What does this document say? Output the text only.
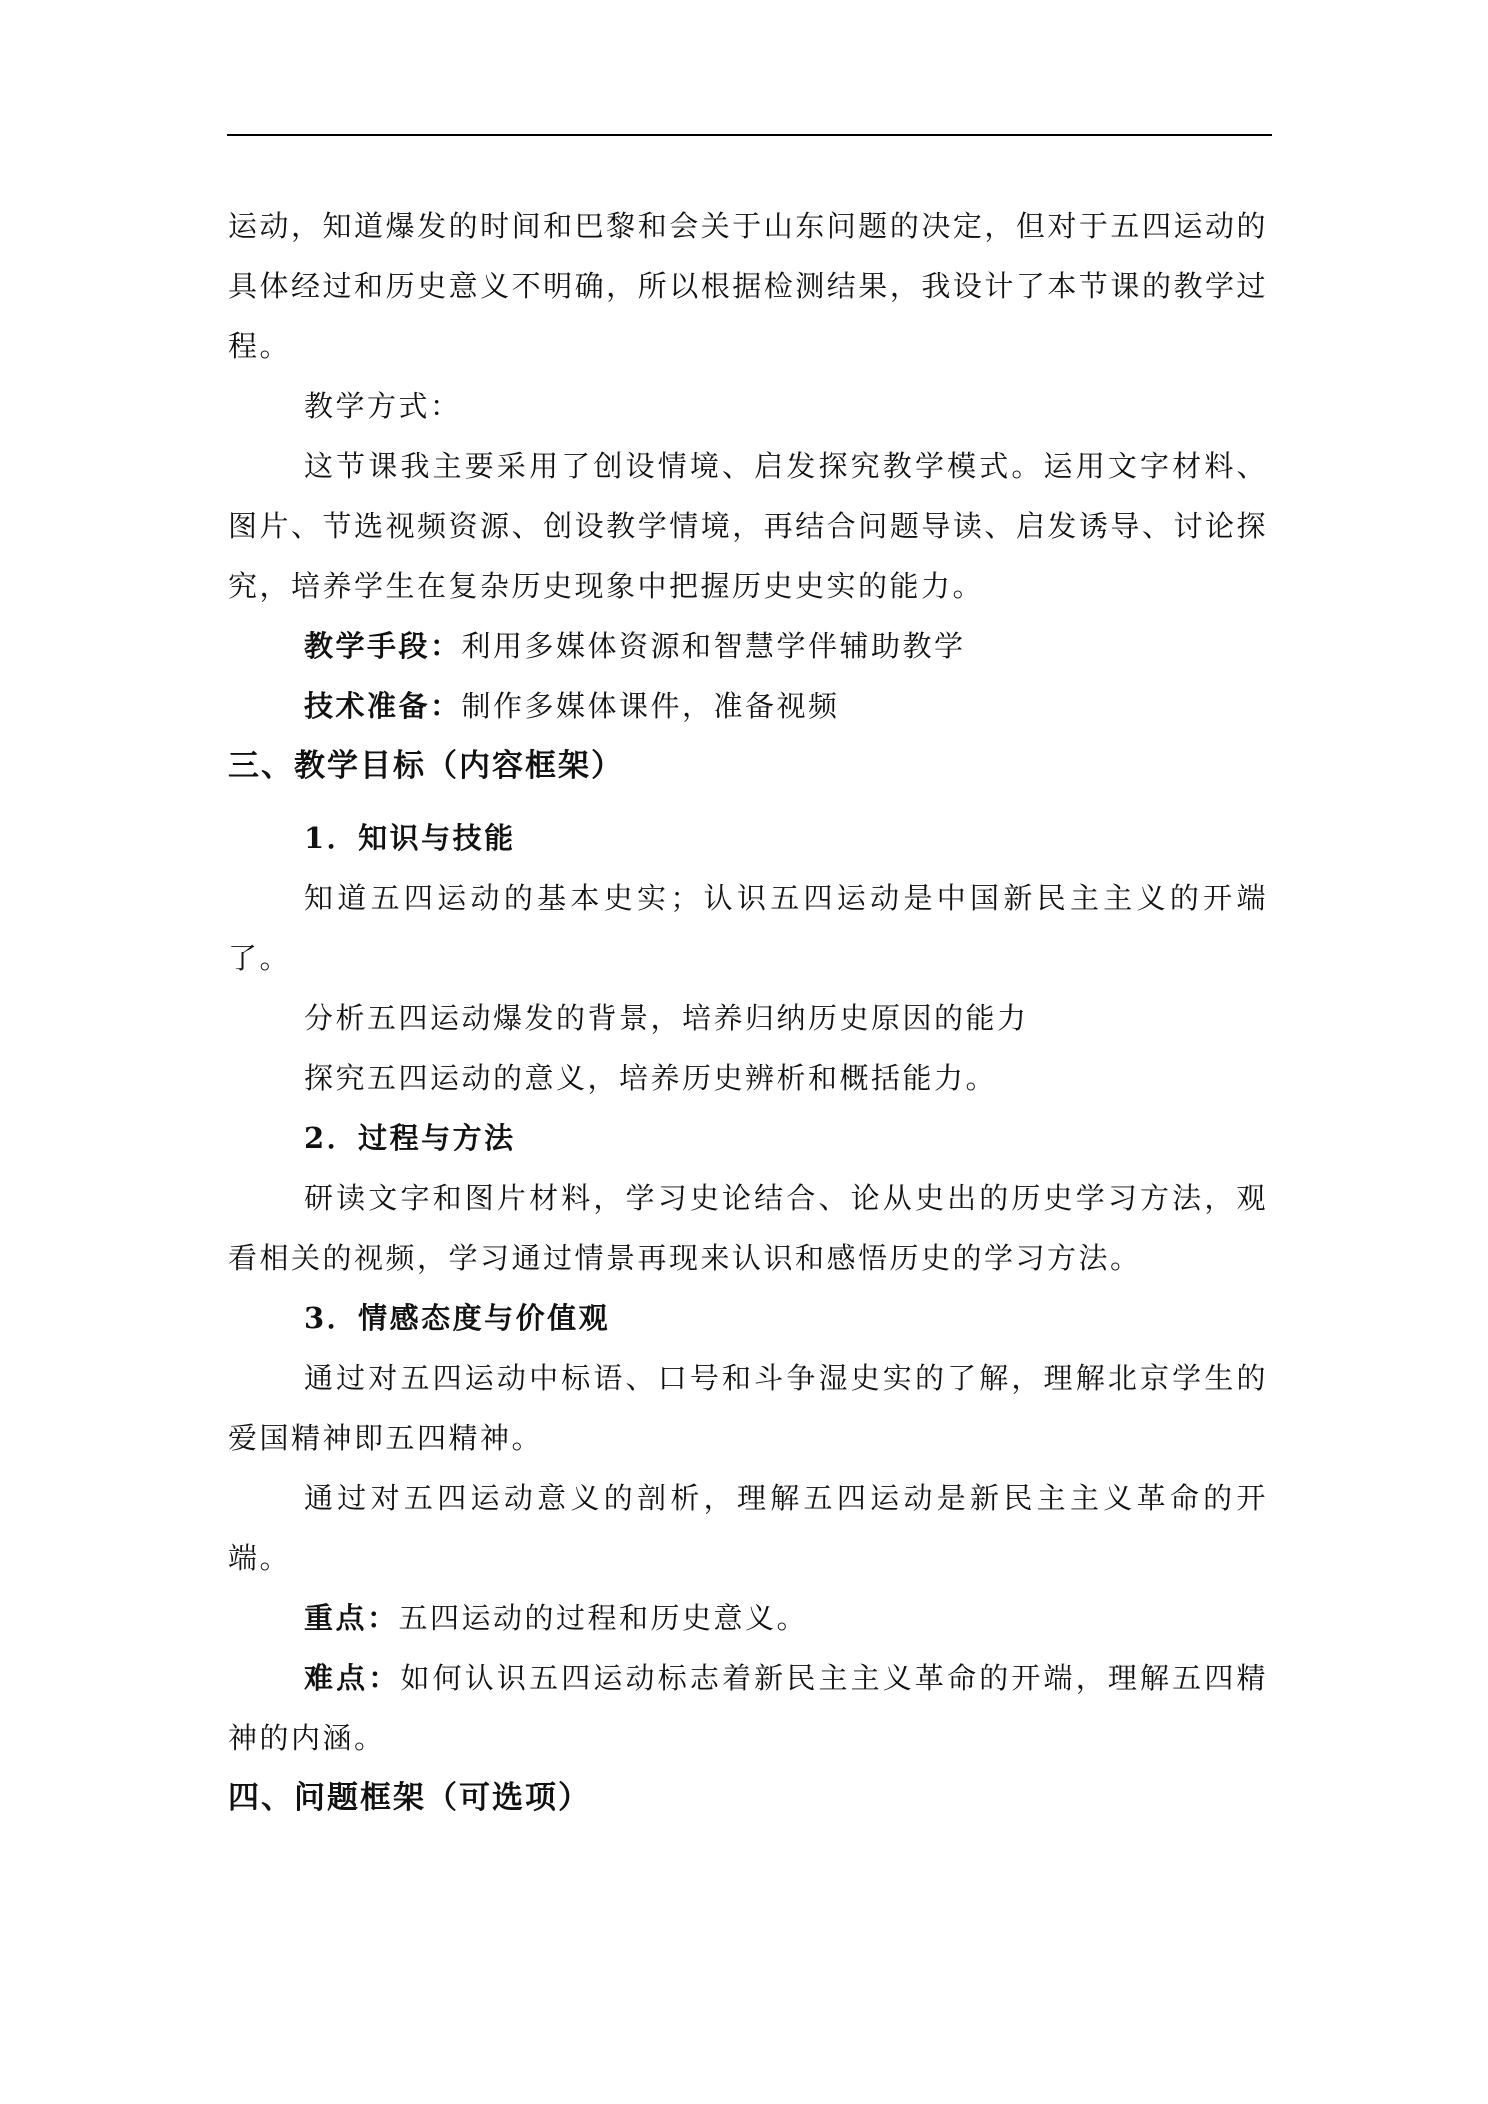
运动，知道爆发的时间和巴黎和会关于山东问题的决定，但对于五四运动的具体经过和历史意义不明确，所以根据检测结果，我设计了本节课的教学过程。

教学方式：

这节课我主要采用了创设情境、启发探究教学模式。运用文字材料、图片、节选视频资源、创设教学情境，再结合问题导读、启发诱导、讨论探究，培养学生在复杂历史现象中把握历史史实的能力。

教学手段：利用多媒体资源和智慧学伴辅助教学

技术准备：制作多媒体课件，准备视频

三、教学目标（内容框架）

1．知识与技能

知道五四运动的基本史实；认识五四运动是中国新民主主义的开端了。

分析五四运动爆发的背景，培养归纳历史原因的能力

探究五四运动的意义，培养历史辨析和概括能力。

2．过程与方法

研读文字和图片材料，学习史论结合、论从史出的历史学习方法，观看相关的视频，学习通过情景再现来认识和感悟历史的学习方法。

3．情感态度与价值观

通过对五四运动中标语、口号和斗争湿史实的了解，理解北京学生的爱国精神即五四精神。

通过对五四运动意义的剖析，理解五四运动是新民主主义革命的开端。

重点：五四运动的过程和历史意义。

难点：如何认识五四运动标志着新民主主义革命的开端，理解五四精神的内涵。

四、问题框架（可选项）
